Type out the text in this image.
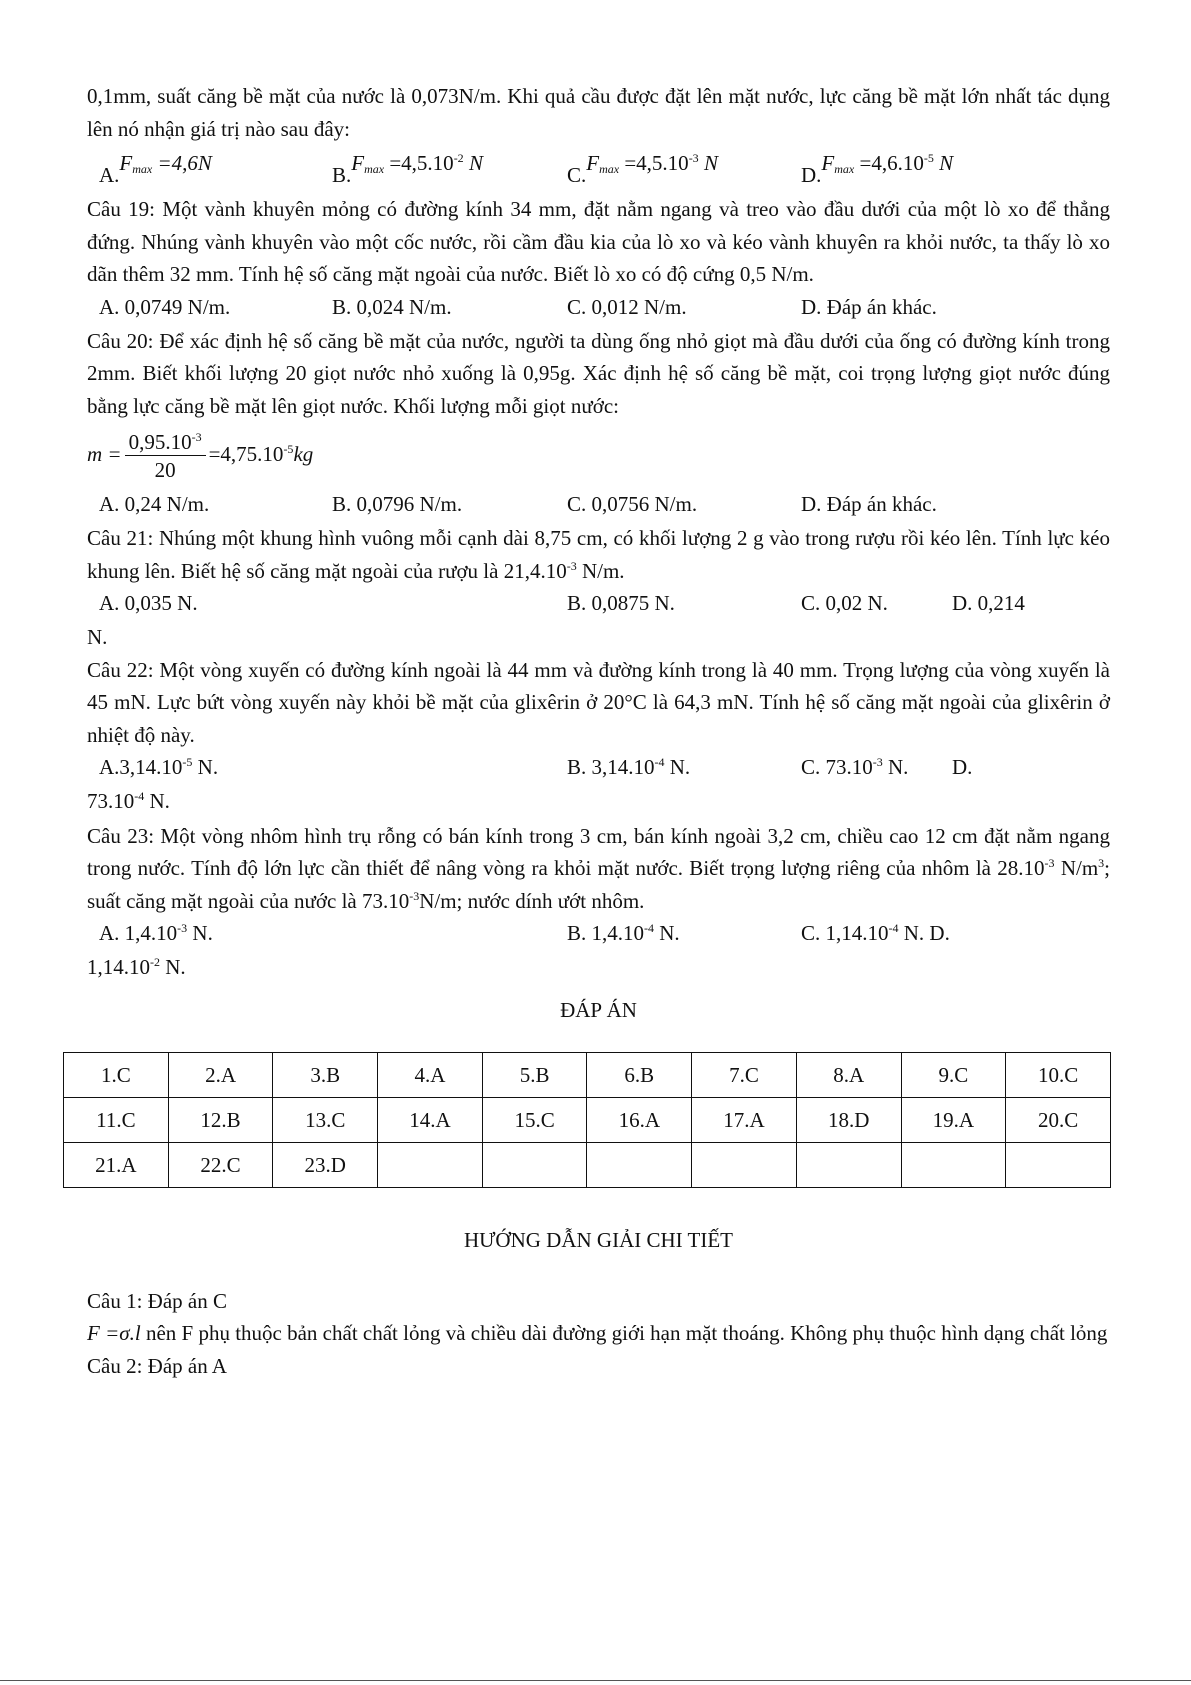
0,1mm, suất căng bề mặt của nước là 0,073N/m. Khi quả cầu được đặt lên mặt nước, lực căng bề mặt lớn nhất tác dụng lên nó nhận giá trị nào sau đây:

$A.F_{max} =4,6N$	$B.F_{max} =4,5.10^{-2}$ N	$C.F_{max} =4,5.10^{-3}$ N	$D.F_{max} =4,6.10^{-5}$ N

Câu 19: Một vành khuyên mỏng có đường kính 34 mm, đặt nằm ngang và treo vào đầu dưới của một lò xo để thẳng đứng. Nhúng vành khuyên vào một cốc nước, rồi cầm đầu kia của lò xo và kéo vành khuyên ra khỏi nước, ta thấy lò xo dãn thêm 32 mm. Tính hệ số căng mặt ngoài của nước. Biết lò xo có độ cứng 0,5 N/m.

A. 0,0749 N/m.	B. 0,024 N/m.	C. 0,012 N/m.	D. Đáp án khác.

Câu 20: Để xác định hệ số căng bề mặt của nước, người ta dùng ống nhỏ giọt mà đầu dưới của ống có đường kính trong 2mm. Biết khối lượng 20 giọt nước nhỏ xuống là 0,95g. Xác định hệ số căng bề mặt, coi trọng lượng giọt nước đúng bằng lực căng bề mặt lên giọt nước. Khối lượng mỗi giọt nước:

$m = \frac{0,95.10^{-3}}{20} =4,75.10^{-5}kg$
A. 0,24 N/m.	B. 0,0796 N/m.	C. 0,0756 N/m.	D. Đáp án khác.

Câu 21: Nhúng một khung hình vuông mỗi cạnh dài 8,75 cm, có khối lượng 2 g vào trong rượu rồi kéo lên. Tính lực kéo khung lên. Biết hệ số căng mặt ngoài của rượu là $21,4.10^{-3}$ N/m.

A. 0,035 N.	B. 0,0875 N.	C. 0,02 N.	D. 0,214

N.

Câu 22: Một vòng xuyến có đường kính ngoài là 44 mm và đường kính trong là 40 mm. Trọng lượng của vòng xuyến là 45 mN. Lực bứt vòng xuyến này khỏi bề mặt của glixêrin ở 20°C là 64,3 mN. Tính hệ số căng mặt ngoài của glixêrin ở nhiệt độ này.

$A.3,14.10^{-5}$ N.	B. $3,14.10^{-4}$ N.	C. $73.10^{-3}$ N. D.

$73.10^{-4}$ N.

Câu 23: Một vòng nhôm hình trụ rỗng có bán kính trong 3 cm, bán kính ngoài 3,2 cm, chiều cao 12 cm đặt nằm ngang trong nước. Tính độ lớn lực cần thiết để nâng vòng ra khỏi mặt nước. Biết trọng lượng riêng của nhôm là $28.10^{-3}$ $N/m^3$; suất căng mặt ngoài của nước là $73.10^{-3}N/m$; nước dính ướt nhôm.

A. $1,4.10^{-3}$ N.	B. $1,4.10^{-4}$ N.	C. $1,14.10^{-4}$ N. D.

$1,14.10^{-2}$ N.

ĐÁP ÁN

1.C	2.A	3.B	4.A	5.B	6.B	7.C	8.A	9.C	10.C
11.C	12.B	13.C	14.A	15.C	16.A	17.A	18.D	19.A	20.C
21.A	22.C	23.D							

HƯỚNG DẪN GIẢI CHI TIẾT

Câu 1: Đáp án C

F =σ.l nên F phụ thuộc bản chất chất lỏng và chiều dài đường giới hạn mặt thoáng. Không phụ thuộc hình dạng chất lỏng

Câu 2: Đáp án A
